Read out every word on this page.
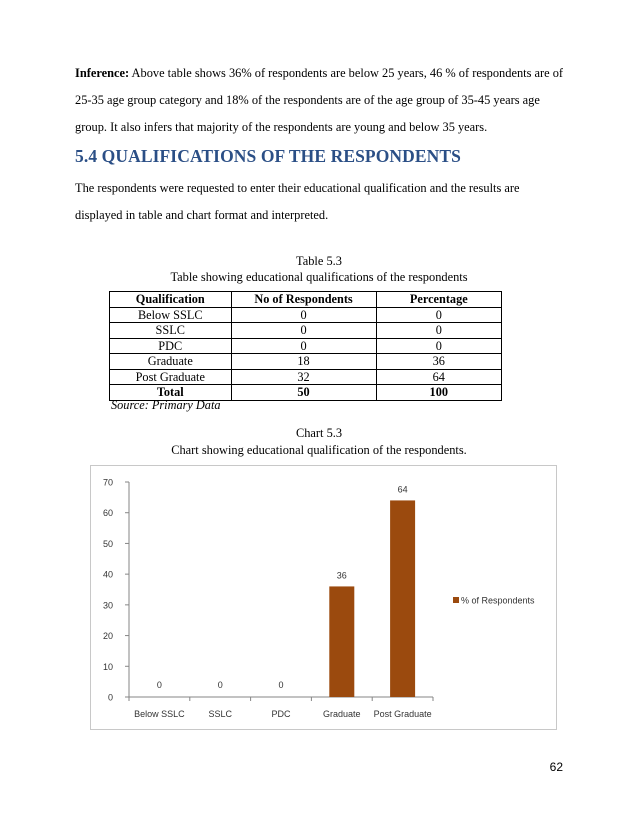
Inference: Above table shows 36% of respondents are below 25 years, 46 % of respondents are of 25-35 age group category and 18% of the respondents are of the age group of 35-45 years age group. It also infers that majority of the respondents are young and below 35 years.
5.4 QUALIFICATIONS OF THE RESPONDENTS
The respondents were requested to enter their educational qualification and the results are displayed in table and chart format and interpreted.
Table 5.3
Table showing educational qualifications of the respondents
Qualification	No of Respondents	Percentage
Below SSLC	0	0
SSLC	0	0
PDC	0	0
Graduate	18	36
Post Graduate	32	64
Total	50	100
Source: Primary Data
Chart 5.3
Chart showing educational qualification of the respondents.
0
10
20
30
40
50
60
70
0
Below SSLC
0
SSLC
0
PDC
36
Graduate
64
Post Graduate
% of Respondents
62
